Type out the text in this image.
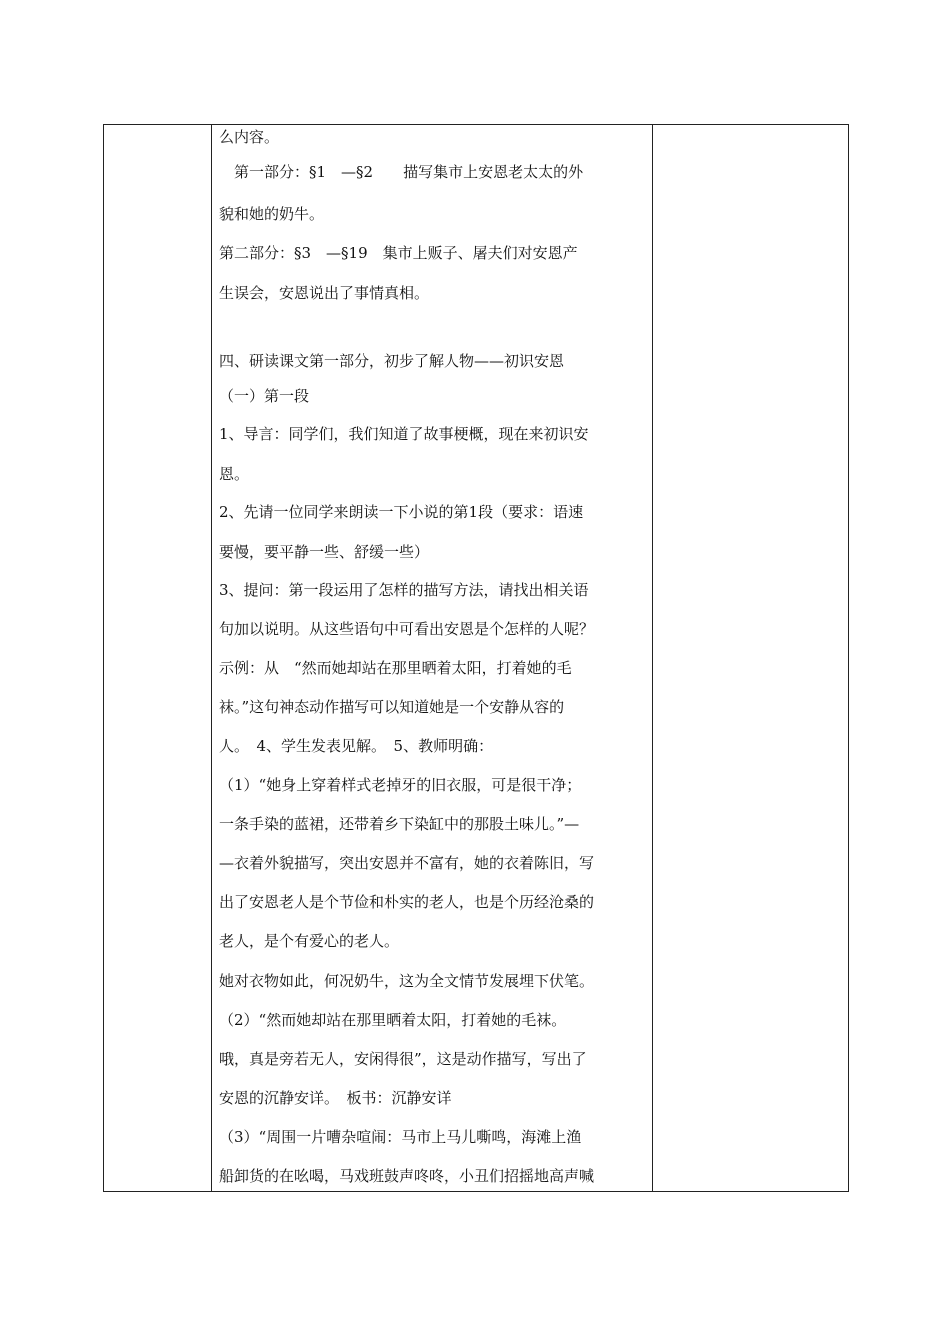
么内容。
　第一部分：§1　—§2　　描写集市上安恩老太太的外
貌和她的奶牛。
第二部分：§3　—§19　集市上贩子、屠夫们对安恩产
生误会，安恩说出了事情真相。
四、研读课文第一部分，初步了解人物——初识安恩
（一）第一段
1、导言：同学们，我们知道了故事梗概，现在来初识安
恩。
2、先请一位同学来朗读一下小说的第1段（要求：语速
要慢，要平静一些、舒缓一些）
3、提问：第一段运用了怎样的描写方法，请找出相关语
句加以说明。从这些语句中可看出安恩是个怎样的人呢？
示例：从　“然而她却站在那里晒着太阳，打着她的毛
袜。”这句神态动作描写可以知道她是一个安静从容的
人。　4、学生发表见解。　5、教师明确：
（1）“她身上穿着样式老掉牙的旧衣服，可是很干净；
一条手染的蓝裙，还带着乡下染缸中的那股土味儿。”—
—衣着外貌描写，突出安恩并不富有，她的衣着陈旧，写
出了安恩老人是个节俭和朴实的老人，也是个历经沧桑的
老人，是个有爱心的老人。
她对衣物如此，何况奶牛，这为全文情节发展埋下伏笔。
（2）“然而她却站在那里晒着太阳，打着她的毛袜。
哦，真是旁若无人，安闲得很”，这是动作描写，写出了
安恩的沉静安详。　板书：沉静安详
（3）“周围一片嘈杂喧闹：马市上马儿嘶鸣，海滩上渔
船卸货的在吆喝，马戏班鼓声咚咚，小丑们招摇地高声喊
